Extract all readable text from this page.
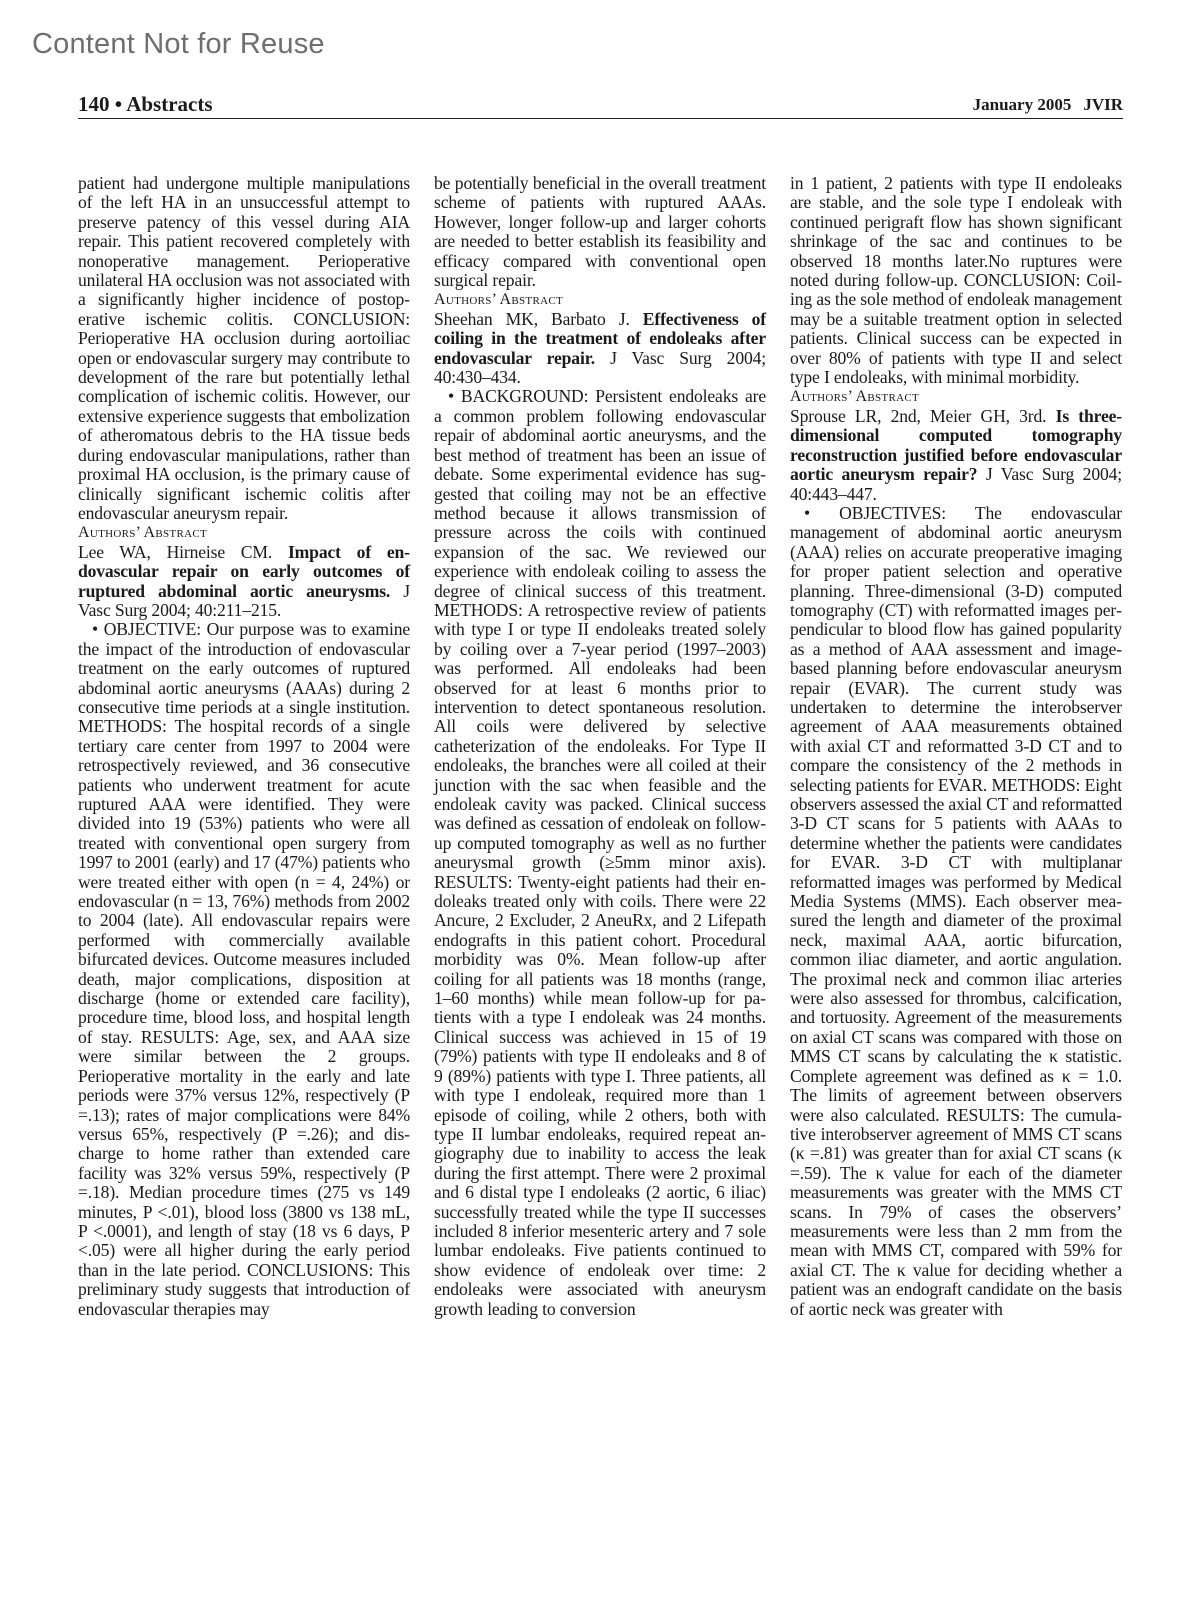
Content Not for Reuse
140 • Abstracts	January 2005 JVIR

patient had undergone multiple manipulations of the left HA in an unsuccessful attempt to preserve patency of this vessel during AIA repair. This patient recovered completely with nonoperative management. Perioperative unilateral HA occlusion was not associated with a significantly higher incidence of postoperative ischemic colitis. CONCLUSION: Perioperative HA occlusion during aortoiliac open or endovascular surgery may contribute to development of the rare but potentially lethal complication of ischemic colitis. However, our extensive experience suggests that embolization of atheromatous debris to the HA tissue beds during endovascular manipulations, rather than proximal HA occlusion, is the primary cause of clinically significant ischemic colitis after endovascular aneurysm repair.

Authors’ Abstract

Lee WA, Hirneise CM. Impact of endovascular repair on early outcomes of ruptured abdominal aortic aneurysms. J Vasc Surg 2004; 40:211–215.

• OBJECTIVE: Our purpose was to examine the impact of the introduction of endovascular treatment on the early outcomes of ruptured abdominal aortic aneurysms (AAAs) during 2 consecutive time periods at a single institution. METHODS: The hospital records of a single tertiary care center from 1997 to 2004 were retrospectively reviewed, and 36 consecutive patients who underwent treatment for acute ruptured AAA were identified. They were divided into 19 (53%) patients who were all treated with conventional open surgery from 1997 to 2001 (early) and 17 (47%) patients who were treated either with open (n = 4, 24%) or endovascular (n = 13, 76%) methods from 2002 to 2004 (late). All endovascular repairs were performed with commercially available bifurcated devices. Outcome measures included death, major complications, disposition at discharge (home or extended care facility), procedure time, blood loss, and hospital length of stay. RESULTS: Age, sex, and AAA size were similar between the 2 groups. Perioperative mortality in the early and late periods were 37% versus 12%, respectively (P =.13); rates of major complications were 84% versus 65%, respectively (P =.26); and discharge to home rather than extended care facility was 32% versus 59%, respectively (P =.18). Median procedure times (275 vs 149 minutes, P <.01), blood loss (3800 vs 138 mL, P <.0001), and length of stay (18 vs 6 days, P <.05) were all higher during the early period than in the late period. CONCLUSIONS: This preliminary study suggests that introduction of endovascular therapies may

be potentially beneficial in the overall treatment scheme of patients with ruptured AAAs. However, longer follow-up and larger cohorts are needed to better establish its feasibility and efficacy compared with conventional open surgical repair.

Authors’ Abstract

Sheehan MK, Barbato J. Effectiveness of coiling in the treatment of endoleaks after endovascular repair. J Vasc Surg 2004; 40:430–434.

• BACKGROUND: Persistent endoleaks are a common problem following endovascular repair of abdominal aortic aneurysms, and the best method of treatment has been an issue of debate. Some experimental evidence has suggested that coiling may not be an effective method because it allows transmission of pressure across the coils with continued expansion of the sac. We reviewed our experience with endoleak coiling to assess the degree of clinical success of this treatment. METHODS: A retrospective review of patients with type I or type II endoleaks treated solely by coiling over a 7-year period (1997–2003) was performed. All endoleaks had been observed for at least 6 months prior to intervention to detect spontaneous resolution. All coils were delivered by selective catheterization of the endoleaks. For Type II endoleaks, the branches were all coiled at their junction with the sac when feasible and the endoleak cavity was packed. Clinical success was defined as cessation of endoleak on follow-up computed tomography as well as no further aneurysmal growth (≥5mm minor axis). RESULTS: Twenty-eight patients had their endoleaks treated only with coils. There were 22 Ancure, 2 Excluder, 2 AneuRx, and 2 Lifepath endografts in this patient cohort. Procedural morbidity was 0%. Mean follow-up after coiling for all patients was 18 months (range, 1–60 months) while mean follow-up for patients with a type I endoleak was 24 months. Clinical success was achieved in 15 of 19 (79%) patients with type II endoleaks and 8 of 9 (89%) patients with type I. Three patients, all with type I endoleak, required more than 1 episode of coiling, while 2 others, both with type II lumbar endoleaks, required repeat angiography due to inability to access the leak during the first attempt. There were 2 proximal and 6 distal type I endoleaks (2 aortic, 6 iliac) successfully treated while the type II successes included 8 inferior mesenteric artery and 7 sole lumbar endoleaks. Five patients continued to show evidence of endoleak over time: 2 endoleaks were associated with aneurysm growth leading to conversion

in 1 patient, 2 patients with type II endoleaks are stable, and the sole type I endoleak with continued perigraft flow has shown significant shrinkage of the sac and continues to be observed 18 months later.No ruptures were noted during follow-up. CONCLUSION: Coiling as the sole method of endoleak management may be a suitable treatment option in selected patients. Clinical success can be expected in over 80% of patients with type II and select type I endoleaks, with minimal morbidity.

Authors’ Abstract

Sprouse LR, 2nd, Meier GH, 3rd. Is three-dimensional computed tomography reconstruction justified before endovascular aortic aneurysm repair? J Vasc Surg 2004; 40:443–447.

• OBJECTIVES: The endovascular management of abdominal aortic aneurysm (AAA) relies on accurate preoperative imaging for proper patient selection and operative planning. Three-dimensional (3-D) computed tomography (CT) with reformatted images perpendicular to blood flow has gained popularity as a method of AAA assessment and image-based planning before endovascular aneurysm repair (EVAR). The current study was undertaken to determine the interobserver agreement of AAA measurements obtained with axial CT and reformatted 3-D CT and to compare the consistency of the 2 methods in selecting patients for EVAR. METHODS: Eight observers assessed the axial CT and reformatted 3-D CT scans for 5 patients with AAAs to determine whether the patients were candidates for EVAR. 3-D CT with multiplanar reformatted images was performed by Medical Media Systems (MMS). Each observer measured the length and diameter of the proximal neck, maximal AAA, aortic bifurcation, common iliac diameter, and aortic angulation. The proximal neck and common iliac arteries were also assessed for thrombus, calcification, and tortuosity. Agreement of the measurements on axial CT scans was compared with those on MMS CT scans by calculating the κ statistic. Complete agreement was defined as κ = 1.0. The limits of agreement between observers were also calculated. RESULTS: The cumulative interobserver agreement of MMS CT scans (κ =.81) was greater than for axial CT scans (κ =.59). The κ value for each of the diameter measurements was greater with the MMS CT scans. In 79% of cases the observers’ measurements were less than 2 mm from the mean with MMS CT, compared with 59% for axial CT. The κ value for deciding whether a patient was an endograft candidate on the basis of aortic neck was greater with
